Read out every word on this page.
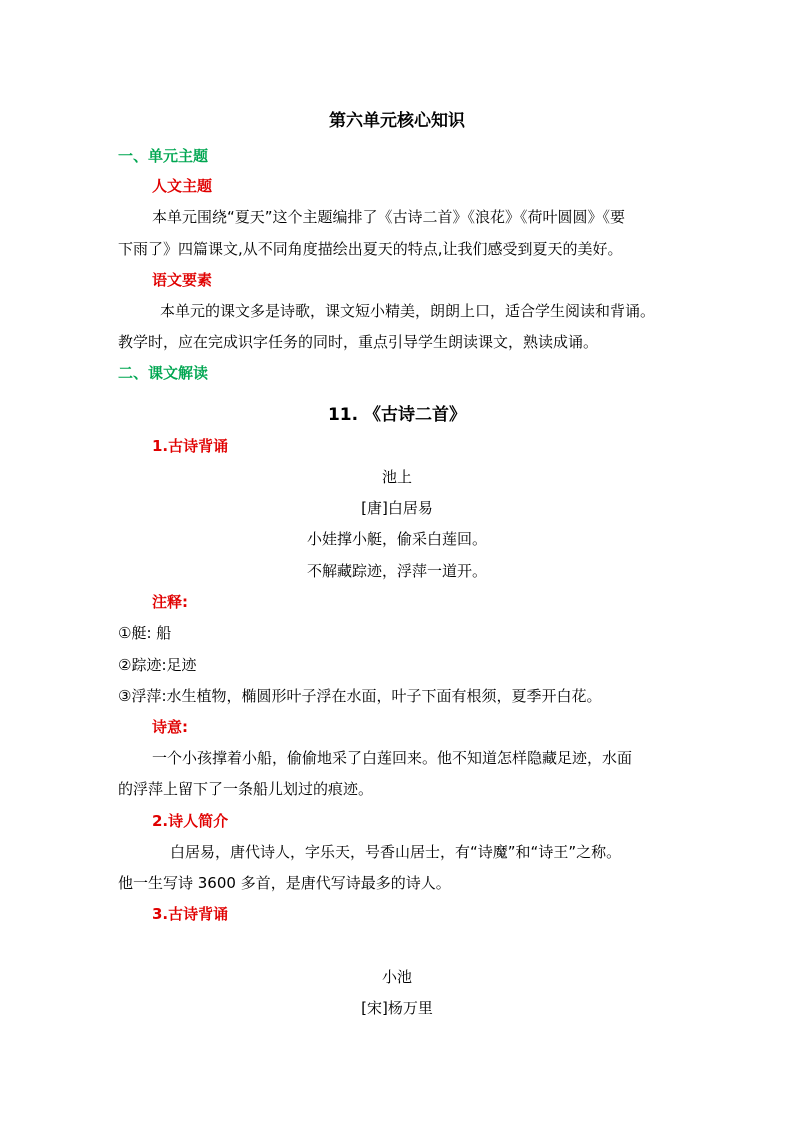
第六单元核心知识
一、单元主题
人文主题
本单元围绕“夏天”这个主题编排了《古诗二首》《浪花》《荷叶圆圆》《要
下雨了》四篇课文,从不同角度描绘出夏天的特点,让我们感受到夏天的美好。
语文要素
本单元的课文多是诗歌，课文短小精美，朗朗上口，适合学生阅读和背诵。
教学时，应在完成识字任务的同时，重点引导学生朗读课文，熟读成诵。
二、课文解读
11. 《古诗二首》
1.古诗背诵
池上
[唐]白居易
小娃撑小艇，偷采白莲回。
不解藏踪迹，浮萍一道开。
注释:
①艇: 船
②踪迹:足迹
③浮萍:水生植物，椭圆形叶子浮在水面，叶子下面有根须，夏季开白花。
诗意:
一个小孩撑着小船，偷偷地采了白莲回来。他不知道怎样隐藏足迹，水面
的浮萍上留下了一条船儿划过的痕迹。
2.诗人简介
白居易，唐代诗人，字乐天，号香山居士，有“诗魔”和“诗王”之称。
他一生写诗 3600 多首，是唐代写诗最多的诗人。
3.古诗背诵
小池
[宋]杨万里
